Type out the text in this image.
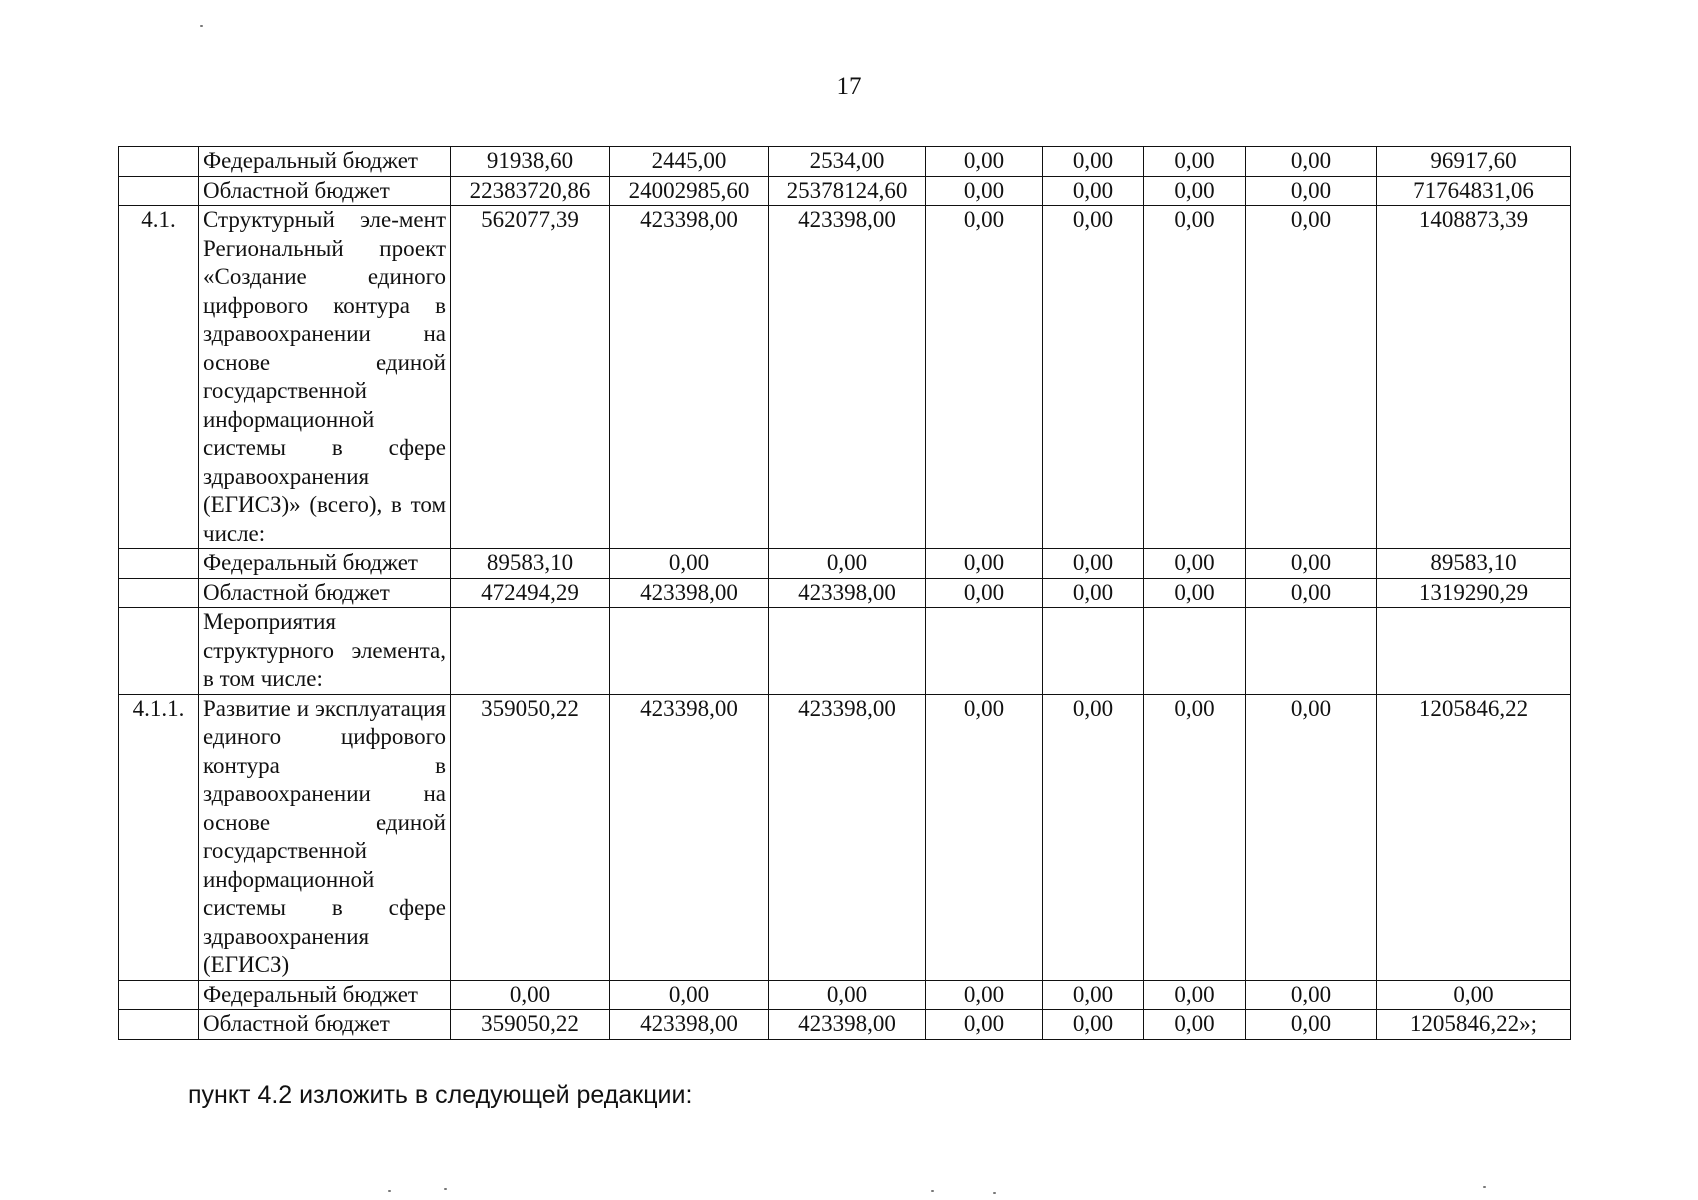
17
	Федеральный бюджет	91938,60	2445,00	2534,00	0,00	0,00	0,00	0,00	96917,60
	Областной бюджет	22383720,86	24002985,60	25378124,60	0,00	0,00	0,00	0,00	71764831,06
4.1.	Структурный эле-мент Региональный проект «Создание единого цифрового контура в здравоохранении на основе единой государственной информационной системы в сфере здравоохранения (ЕГИСЗ)» (всего), в том числе:	562077,39	423398,00	423398,00	0,00	0,00	0,00	0,00	1408873,39
	Федеральный бюджет	89583,10	0,00	0,00	0,00	0,00	0,00	0,00	89583,10
	Областной бюджет	472494,29	423398,00	423398,00	0,00	0,00	0,00	0,00	1319290,29
	Мероприятия структурного элемента, в том числе:								
4.1.1.	Развитие и эксплуатация единого цифрового контура в здравоохранении на основе единой государственной информационной системы в сфере здравоохранения (ЕГИСЗ)	359050,22	423398,00	423398,00	0,00	0,00	0,00	0,00	1205846,22
	Федеральный бюджет	0,00	0,00	0,00	0,00	0,00	0,00	0,00	0,00
	Областной бюджет	359050,22	423398,00	423398,00	0,00	0,00	0,00	0,00	1205846,22»;
пункт 4.2 изложить в следующей редакции:
